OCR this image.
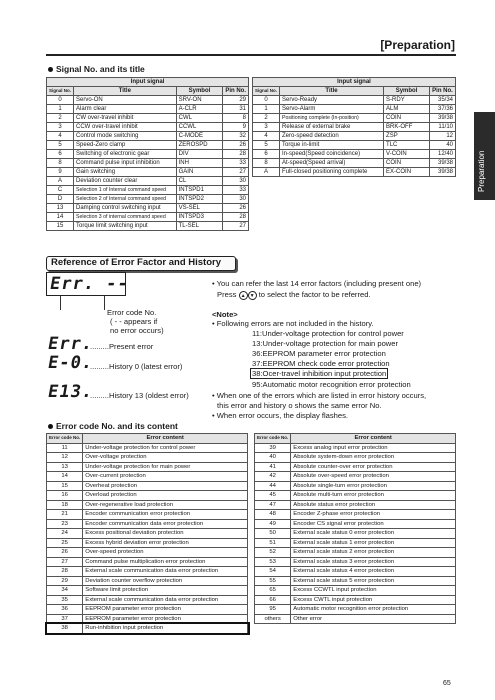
[Preparation]
Preparation
Signal No. and its title
Input signal			
Signal No.	Title	Symbol	Pin No.
0	Servo-ON	SRV-ON	29
1	Alarm clear	A-CLR	31
2	CW over-travel inhibit	CWL	8
3	CCW over-travel inhibit	CCWL	9
4	Control mode switching	C-MODE	32
5	Speed-Zero clamp	ZEROSPD	26
6	Switching of electronic gear	DIV	28
8	Command pulse input inhibition	INH	33
9	Gain switching	GAIN	27
A	Deviation counter clear	CL	30
C	Selection 1 of Internal command speed	INTSPD1	33
D	Selection 2 of Internal command speed	INTSPD2	30
13	Damping control switching input	VS-SEL	26
14	Selection 3 of internal command speed	INTSPD3	28
15	Torque limit switching input	TL-SEL	27
Input signal			
Signal No.	Title	Symbol	Pin No.
0	Servo-Ready	S-RDY	35/34
1	Servo-Alarm	ALM	37/36
2	Positioning complete (In-position)	COIN	39/38
3	Release of external brake	BRK-OFF	11/10
4	Zero-speed detection	ZSP	12
5	Torque in-limit	TLC	40
6	In-speed(Speed coincidence)	V-COIN	12/40
8	At-speed(Speed arrival)	COIN	39/38
A	Full-closed positioning complete	EX-COIN	39/38
Reference of Error Factor and History
Err. --
Error code No.
( - - appears if
no error occurs)
Err.
.........Present error
E-0.
.........History 0 (latest error)
E13.
.........History 13 (oldest error)
• You can refer the last 14 error factors (including present one)
Press ▲ ▼ to select the factor to be referred.
<Note>
• Following errors are not included in the history.
11:Under-voltage protection for control power
13:Under-voltage protection for main power
36:EEPROM parameter error protection
37:EEPROM check code error protection
38:Ocer-travel inhibition input protection
95:Automatic motor recognition error protection
• When one of the errors which are listed in error history occurs,
this error and history o shows the same error No.
• When error occurs, the display flashes.
Error code No. and its content
Error code No.	Error content
11	Under-voltage protection for control power
12	Over-voltage protection
13	Under-voltage protection for main power
14	Over-current protection
15	Overheat protection
16	Overload protection
18	Over-regenerative load protection
21	Encoder communication error protection
23	Encoder communication data error protection
24	Excess positional deviation protection
25	Excess hybrid deviation error protection
26	Over-speed protection
27	Command pulse multiplication error protection
28	External scale communication data error protection
29	Deviation counter overflow protection
34	Software limit protection
35	External scale communication data error protection
36	EEPROM parameter error protection
37	EEPROM parameter error protection
38	Run-inhibition input protection
Error code No.	Error content
39	Excess analog input error protection
40	Absolute system-down error protection
41	Absolute counter-over error protection
42	Absolute over-speed error protection
44	Absolute single-turn error protection
45	Absolute multi-turn error protection
47	Absolute status error protection
48	Encoder Z-phase error protection
49	Encoder CS signal error protection
50	External scale status 0 error protection
51	External scale status 1 error protection
52	External scale status 2 error protection
53	External scale status 3 error protection
54	External scale status 4 error protection
55	External scale status 5 error protection
65	Excess CCWTL input protection
66	Excess CWTL input protection
95	Automatic motor recognition error protection
others	Other error
65
